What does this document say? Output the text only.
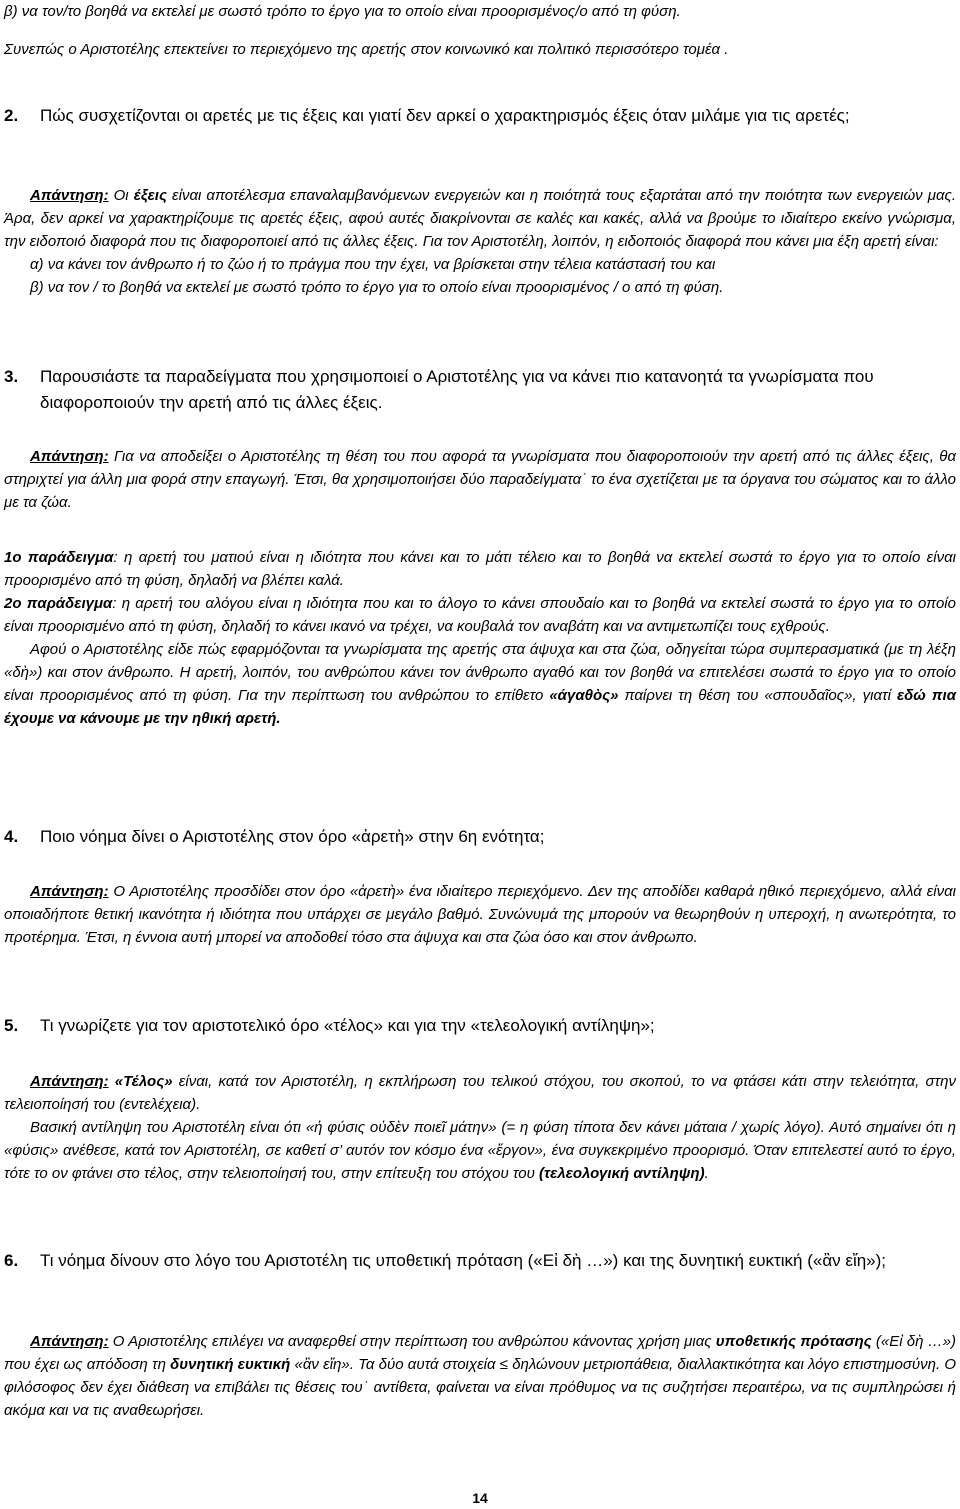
β) να τον/το βοηθά να εκτελεί με σωστό τρόπο το έργο για το οποίο είναι προορισμένος/ο από τη φύση.

Συνεπώς ο Αριστοτέλης επεκτείνει το περιεχόμενο της αρετής στον κοινωνικό και πολιτικό περισσότερο τομέα .

2.	Πώς συσχετίζονται οι αρετές με τις έξεις και γιατί δεν αρκεί ο χαρακτηρισμός έξεις όταν μιλάμε για τις αρετές;

Απάντηση: Οι έξεις είναι αποτέλεσμα επαναλαμβανόμενων ενεργειών και η ποιότητά τους εξαρτάται από την ποιότητα των ενεργειών μας. Άρα, δεν αρκεί να χαρακτηρίζουμε τις αρετές έξεις, αφού αυτές διακρίνονται σε καλές και κακές, αλλά να βρούμε το ιδιαίτερο εκείνο γνώρισμα, την ειδοποιό διαφορά που τις διαφοροποιεί από τις άλλες έξεις. Για τον Αριστοτέλη, λοιπόν, η ειδοποιός διαφορά που κάνει μια έξη αρετή είναι:

α) να κάνει τον άνθρωπο ή το ζώο ή το πράγμα που την έχει, να βρίσκεται στην τέλεια κατάστασή του και

β) να τον / το βοηθά να εκτελεί με σωστό τρόπο το έργο για το οποίο είναι προορισμένος / ο από τη φύση.

3.	Παρουσιάστε τα παραδείγματα που χρησιμοποιεί ο Αριστοτέλης για να κάνει πιο κατανοητά τα γνωρίσματα που διαφοροποιούν την αρετή από τις άλλες έξεις.

Απάντηση: Για να αποδείξει ο Αριστοτέλης τη θέση του που αφορά τα γνωρίσματα που διαφοροποιούν την αρετή από τις άλλες έξεις, θα στηριχτεί για άλλη μια φορά στην επαγωγή. Έτσι, θα χρησιμοποιήσει δύο παραδείγματα˙ το ένα σχετίζεται με τα όργανα του σώματος και το άλλο με τα ζώα.

1ο παράδειγμα: η αρετή του ματιού είναι η ιδιότητα που κάνει και το μάτι τέλειο και το βοηθά να εκτελεί σωστά το έργο για το οποίο είναι προορισμένο από τη φύση, δηλαδή να βλέπει καλά.

2ο παράδειγμα: η αρετή του αλόγου είναι η ιδιότητα που και το άλογο το κάνει σπουδαίο και το βοηθά να εκτελεί σωστά το έργο για το οποίο είναι προορισμένο από τη φύση, δηλαδή το κάνει ικανό να τρέχει, να κουβαλά τον αναβάτη και να αντιμετωπίζει τους εχθρούς.

Αφού ο Αριστοτέλης είδε πώς εφαρμόζονται τα γνωρίσματα της αρετής στα άψυχα και στα ζώα, οδηγείται τώρα συμπερασματικά (με τη λέξη «δὴ») και στον άνθρωπο. Η αρετή, λοιπόν, του ανθρώπου κάνει τον άνθρωπο αγαθό και τον βοηθά να επιτελέσει σωστά το έργο για το οποίο είναι προορισμένος από τη φύση. Για την περίπτωση του ανθρώπου το επίθετο «άγαθὸς» παίρνει τη θέση του «σπουδαῖος», γιατί εδώ πια έχουμε να κάνουμε με την ηθική αρετή.

4.	Ποιο νόημα δίνει ο Αριστοτέλης στον όρο «ἀρετὴ» στην 6η ενότητα;

Απάντηση: Ο Αριστοτέλης προσδίδει στον όρο «ἀρετὴ» ένα ιδιαίτερο περιεχόμενο. Δεν της αποδίδει καθαρά ηθικό περιεχόμενο, αλλά είναι οποιαδήποτε θετική ικανότητα ή ιδιότητα που υπάρχει σε μεγάλο βαθμό. Συνώνυμά της μπορούν να θεωρηθούν η υπεροχή, η ανωτερότητα, το προτέρημα. Έτσι, η έννοια αυτή μπορεί να αποδοθεί τόσο στα άψυχα και στα ζώα όσο και στον άνθρωπο.

5.	Τι γνωρίζετε για τον αριστοτελικό όρο «τέλος» και για την «τελεολογική αντίληψη»;

Απάντηση: «Τέλος» είναι, κατά τον Αριστοτέλη, η εκπλήρωση του τελικού στόχου, του σκοπού, το να φτάσει κάτι στην τελειότητα, στην τελειοποίησή του (εντελέχεια).

Βασική αντίληψη του Αριστοτέλη είναι ότι «ἡ φύσις οὐδὲν ποιεῖ μάτην» (= η φύση τίποτα δεν κάνει μάταια / χωρίς λόγο). Αυτό σημαίνει ότι η «φύσις» ανέθεσε, κατά τον Αριστοτέλη, σε καθετί σ’ αυτόν τον κόσμο ένα «ἔργον», ένα συγκεκριμένο προορισμό. Όταν επιτελεστεί αυτό το έργο, τότε το ον φτάνει στο τέλος, στην τελειοποίησή του, στην επίτευξη του στόχου του (τελεολογική αντίληψη).

6.	Τι νόημα δίνουν στο λόγο του Αριστοτέλη τις υποθετική πρόταση («Εἰ δὴ …») και της δυνητική ευκτική («ἂν εἴη»);

Απάντηση: Ο Αριστοτέλης επιλέγει να αναφερθεί στην περίπτωση του ανθρώπου κάνοντας χρήση μιας υποθετικής πρότασης («Εἰ δὴ …») που έχει ως απόδοση τη δυνητική ευκτική «ἂν εἴη». Τα δύο αυτά στοιχεία ≤ δηλώνουν μετριοπάθεια, διαλλακτικότητα και λόγο επιστημοσύνη. Ο φιλόσοφος δεν έχει διάθεση να επιβάλει τις θέσεις του˙ αντίθετα, φαίνεται να είναι πρόθυμος να τις συζητήσει περαιτέρω, να τις συμπληρώσει ή ακόμα και να τις αναθεωρήσει.

14
